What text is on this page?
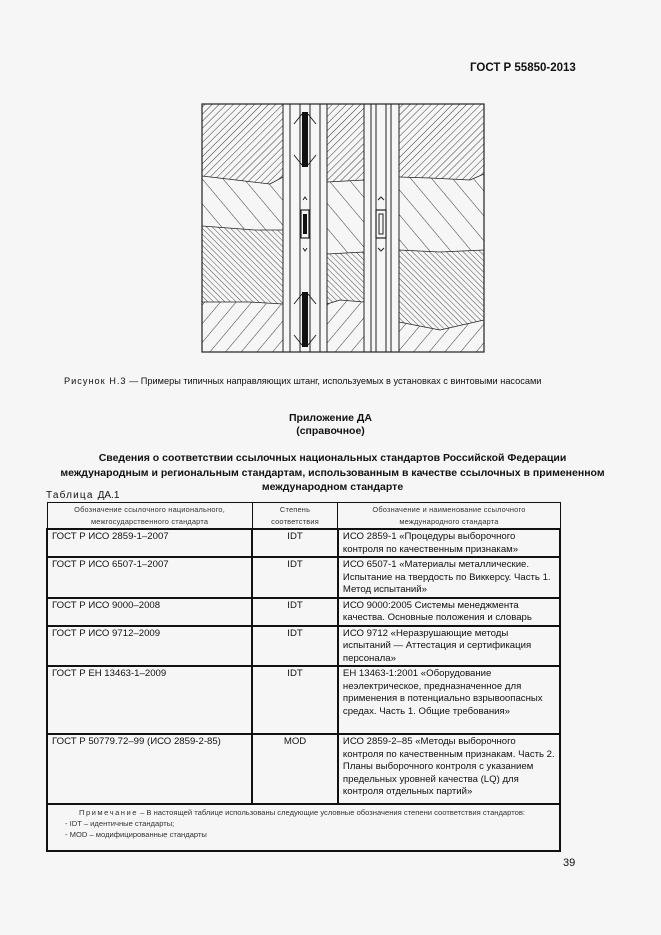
ГОСТ Р 55850-2013
Рисунок Н.3 — Примеры типичных направляющих штанг, используемых в установках с винтовыми насосами
Приложение ДА
(справочное)
Сведения о соответствии ссылочных национальных стандартов Российской Федерации международным и региональным стандартам, использованным в качестве ссылочных в примененном международном стандарте
Таблица ДА.1
Обозначение ссылочного национального, межгосударственного стандарта	Степень соответствия	Обозначение и наименование ссылочного международного стандарта
ГОСТ Р ИСО 2859-1–2007	IDT	ИСО 2859-1 «Процедуры выборочного контроля по качественным признакам»
ГОСТ Р ИСО 6507-1–2007	IDT	ИСО 6507-1 «Материалы металлические. Испытание на твердость по Виккерсу. Часть 1. Метод испытаний»
ГОСТ Р ИСО 9000–2008	IDT	ИСО 9000:2005 Системы менеджмента качества. Основные положения и словарь
ГОСТ Р ИСО 9712–2009	IDT	ИСО 9712 «Неразрушающие методы испытаний — Аттестация и сертификация персонала»
ГОСТ Р ЕН 13463-1–2009	IDT	ЕН 13463-1:2001 «Оборудование неэлектрическое, предназначенное для применения в потенциально взрывоопасных средах. Часть 1. Общие требования»
ГОСТ Р 50779.72–99 (ИСО 2859-2-85)	MOD	ИСО 2859-2–85 «Методы выборочного контроля по качественным признакам. Часть 2. Планы выборочного контроля с указанием предельных уровней качества (LQ) для контроля отдельных партий»

Примечание – В настоящей таблице использованы следующие условные обозначения степени соответствия стандартов:
- IDT – идентичные стандарты;
- MOD – модифицированные стандарты		
39
